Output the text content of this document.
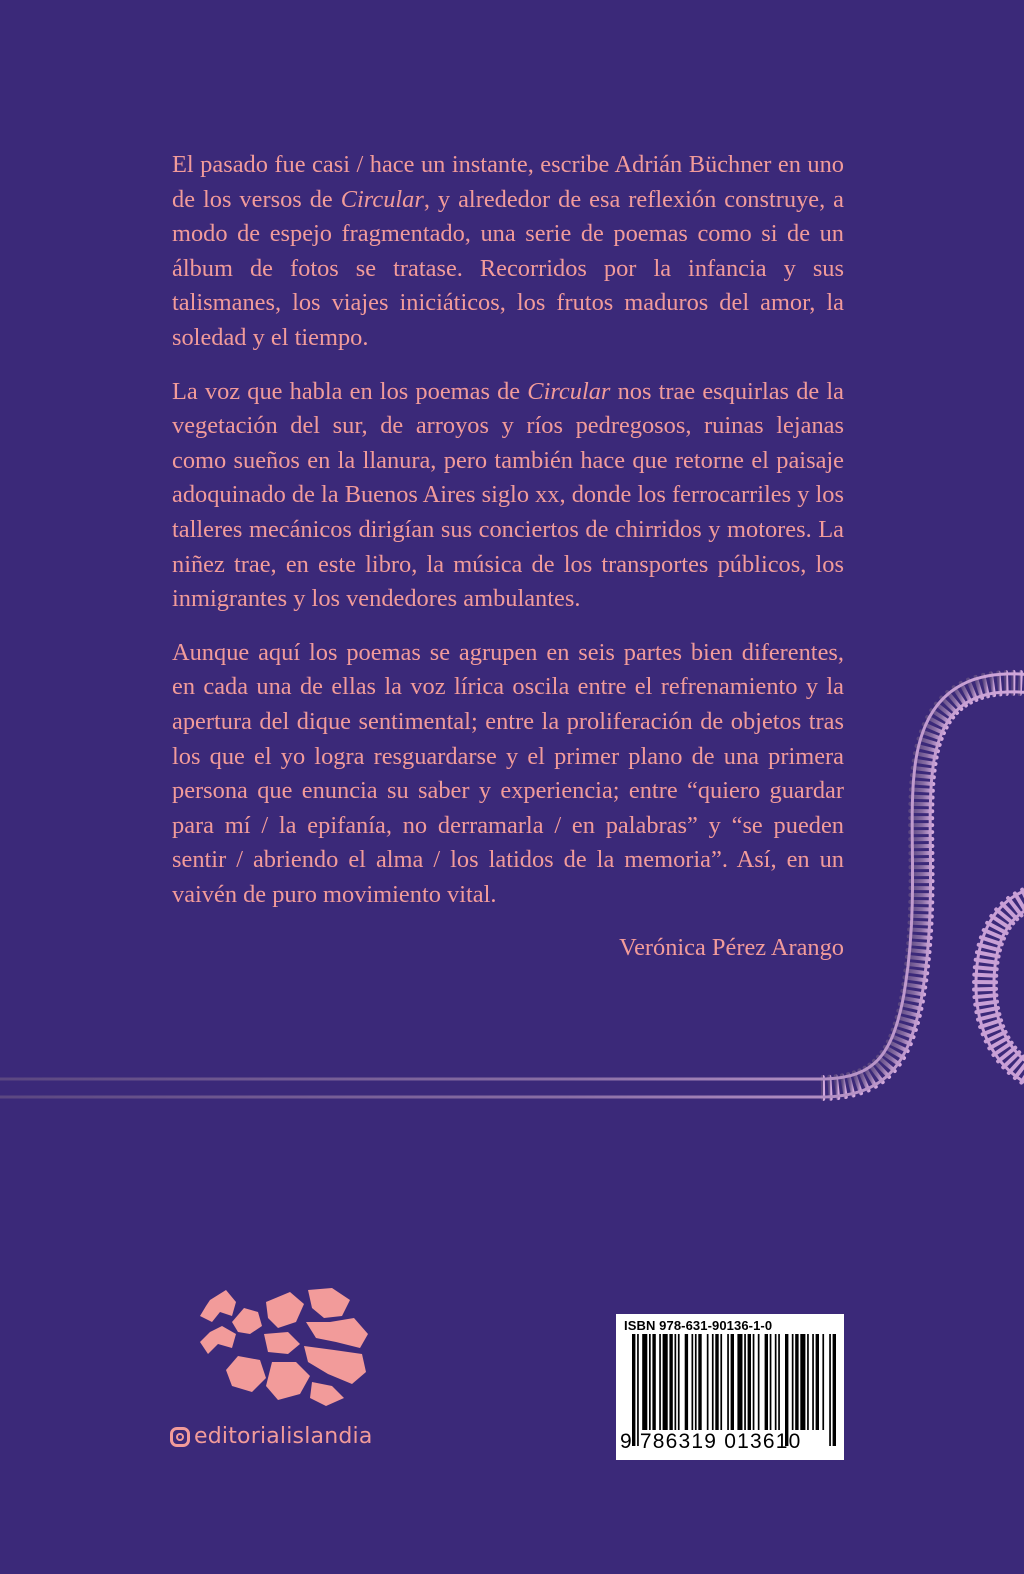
El pasado fue casi / hace un instante, escribe Adrián Büchner en uno de los versos de Circular, y alrededor de esa reflexión construye, a modo de espejo fragmentado, una serie de poemas como si de un álbum de fotos se tratase. Recorridos por la infancia y sus talismanes, los viajes iniciáticos, los frutos maduros del amor, la soledad y el tiempo.

La voz que habla en los poemas de Circular nos trae esquirlas de la vegetación del sur, de arroyos y ríos pedregosos, ruinas lejanas como sueños en la llanura, pero también hace que retorne el paisaje adoquinado de la Buenos Aires siglo xx, donde los ferrocarriles y los talleres mecánicos dirigían sus conciertos de chirridos y motores. La niñez trae, en este libro, la música de los transportes públicos, los inmigrantes y los vendedores ambulantes.

Aunque aquí los poemas se agrupen en seis partes bien diferentes, en cada una de ellas la voz lírica oscila entre el refrenamiento y la apertura del dique sentimental; entre la proliferación de objetos tras los que el yo logra resguardarse y el primer plano de una primera persona que enuncia su saber y experiencia; entre “quiero guardar para mí / la epifanía, no derramarla / en palabras” y “se pueden sentir / abriendo el alma / los latidos de la memoria”. Así, en un vaivén de puro movimiento vital.

Verónica Pérez Arango

editorialislandia
ISBN 978-631-90136-1-0
9 786319 013610
